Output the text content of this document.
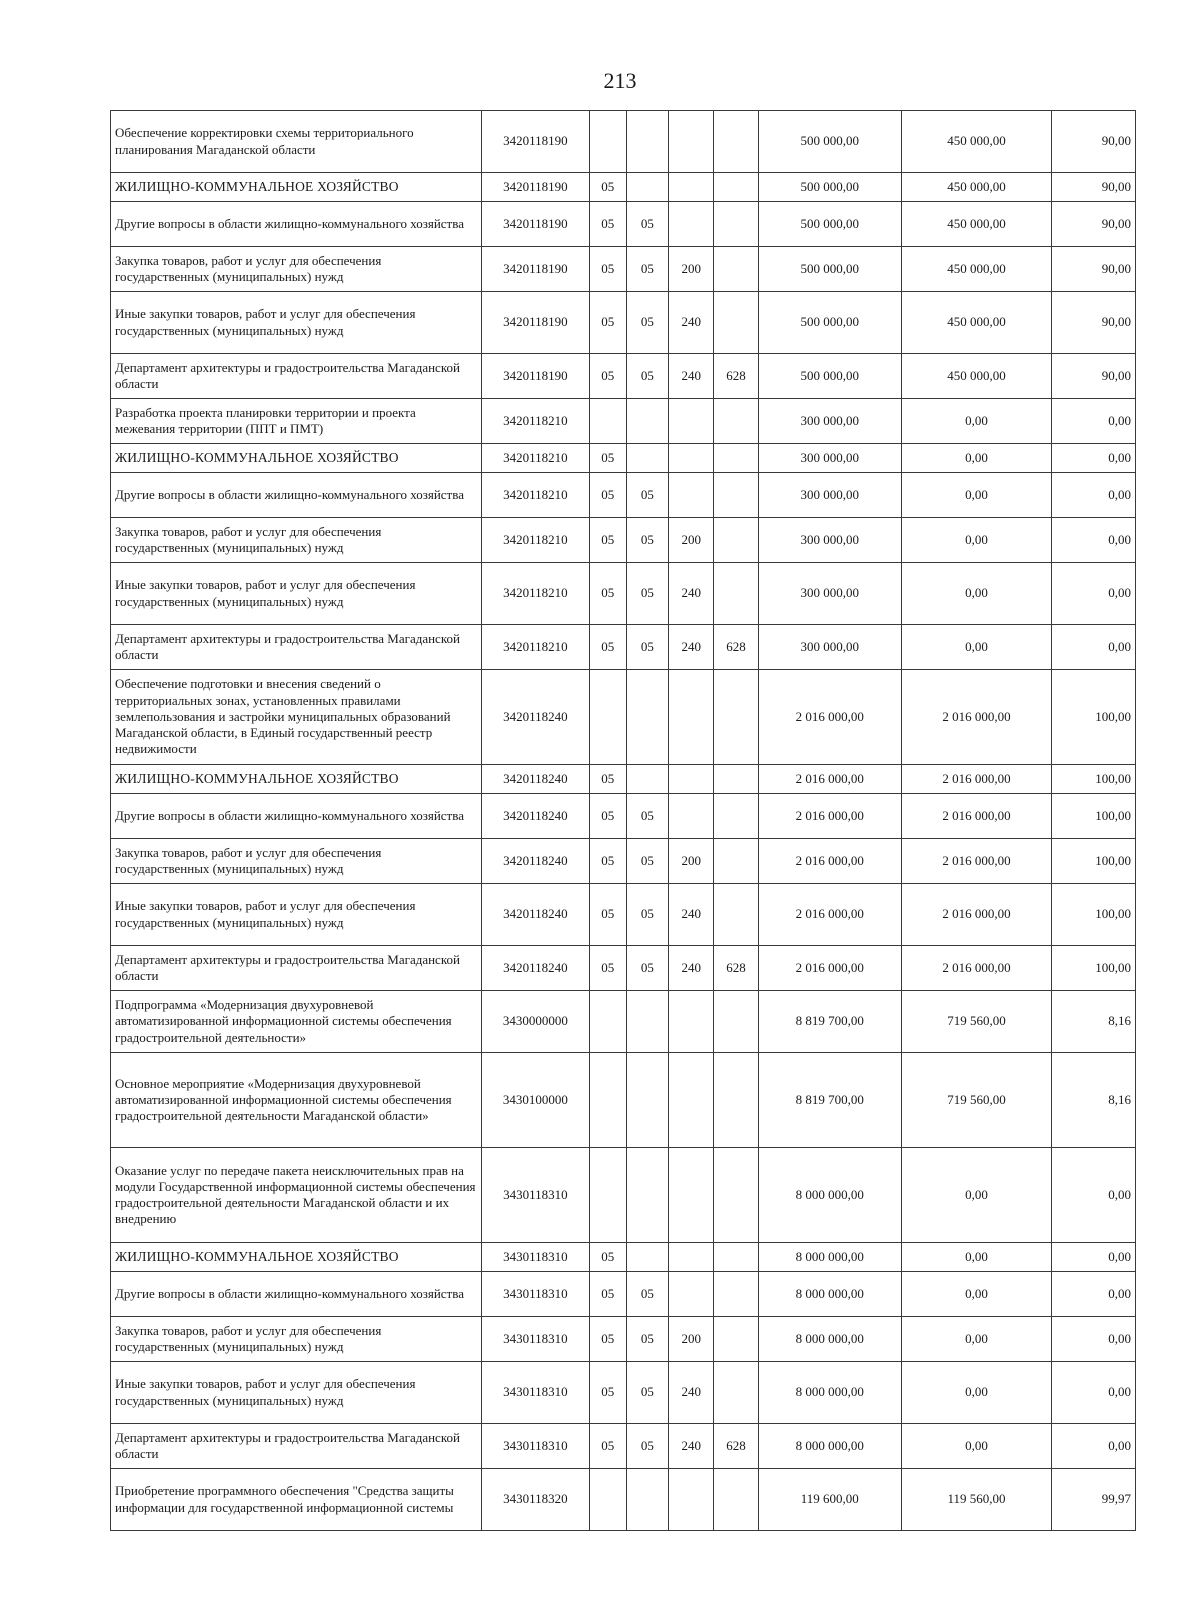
213
Обеспечение корректировки схемы территориального планирования Магаданской области	3420118190					500 000,00	450 000,00	90,00
ЖИЛИЩНО-КОММУНАЛЬНОЕ ХОЗЯЙСТВО	3420118190	05				500 000,00	450 000,00	90,00
Другие вопросы в области жилищно-коммунального хозяйства	3420118190	05	05			500 000,00	450 000,00	90,00
Закупка товаров, работ и услуг для обеспечения государственных (муниципальных) нужд	3420118190	05	05	200		500 000,00	450 000,00	90,00
Иные закупки товаров, работ и услуг для обеспечения государственных (муниципальных) нужд	3420118190	05	05	240		500 000,00	450 000,00	90,00
Департамент архитектуры и градостроительства Магаданской области	3420118190	05	05	240	628	500 000,00	450 000,00	90,00
Разработка проекта планировки территории и проекта межевания территории (ППТ и ПМТ)	3420118210					300 000,00	0,00	0,00
ЖИЛИЩНО-КОММУНАЛЬНОЕ ХОЗЯЙСТВО	3420118210	05				300 000,00	0,00	0,00
Другие вопросы в области жилищно-коммунального хозяйства	3420118210	05	05			300 000,00	0,00	0,00
Закупка товаров, работ и услуг для обеспечения государственных (муниципальных) нужд	3420118210	05	05	200		300 000,00	0,00	0,00
Иные закупки товаров, работ и услуг для обеспечения государственных (муниципальных) нужд	3420118210	05	05	240		300 000,00	0,00	0,00
Департамент архитектуры и градостроительства Магаданской области	3420118210	05	05	240	628	300 000,00	0,00	0,00
Обеспечение подготовки и внесения сведений о территориальных зонах, установленных правилами землепользования и застройки муниципальных образований Магаданской области, в Единый государственный реестр недвижимости	3420118240					2 016 000,00	2 016 000,00	100,00
ЖИЛИЩНО-КОММУНАЛЬНОЕ ХОЗЯЙСТВО	3420118240	05				2 016 000,00	2 016 000,00	100,00
Другие вопросы в области жилищно-коммунального хозяйства	3420118240	05	05			2 016 000,00	2 016 000,00	100,00
Закупка товаров, работ и услуг для обеспечения государственных (муниципальных) нужд	3420118240	05	05	200		2 016 000,00	2 016 000,00	100,00
Иные закупки товаров, работ и услуг для обеспечения государственных (муниципальных) нужд	3420118240	05	05	240		2 016 000,00	2 016 000,00	100,00
Департамент архитектуры и градостроительства Магаданской области	3420118240	05	05	240	628	2 016 000,00	2 016 000,00	100,00
Подпрограмма «Модернизация двухуровневой автоматизированной информационной системы обеспечения градостроительной деятельности»	3430000000					8 819 700,00	719 560,00	8,16
Основное мероприятие «Модернизация двухуровневой автоматизированной информационной системы обеспечения градостроительной деятельности Магаданской области»	3430100000					8 819 700,00	719 560,00	8,16
Оказание услуг по передаче пакета неисключительных прав на модули Государственной информационной системы обеспечения градостроительной деятельности Магаданской области и их внедрению	3430118310					8 000 000,00	0,00	0,00
ЖИЛИЩНО-КОММУНАЛЬНОЕ ХОЗЯЙСТВО	3430118310	05				8 000 000,00	0,00	0,00
Другие вопросы в области жилищно-коммунального хозяйства	3430118310	05	05			8 000 000,00	0,00	0,00
Закупка товаров, работ и услуг для обеспечения государственных (муниципальных) нужд	3430118310	05	05	200		8 000 000,00	0,00	0,00
Иные закупки товаров, работ и услуг для обеспечения государственных (муниципальных) нужд	3430118310	05	05	240		8 000 000,00	0,00	0,00
Департамент архитектуры и градостроительства Магаданской области	3430118310	05	05	240	628	8 000 000,00	0,00	0,00
Приобретение программного обеспечения "Средства защиты информации для государственной информационной системы	3430118320					119 600,00	119 560,00	99,97
